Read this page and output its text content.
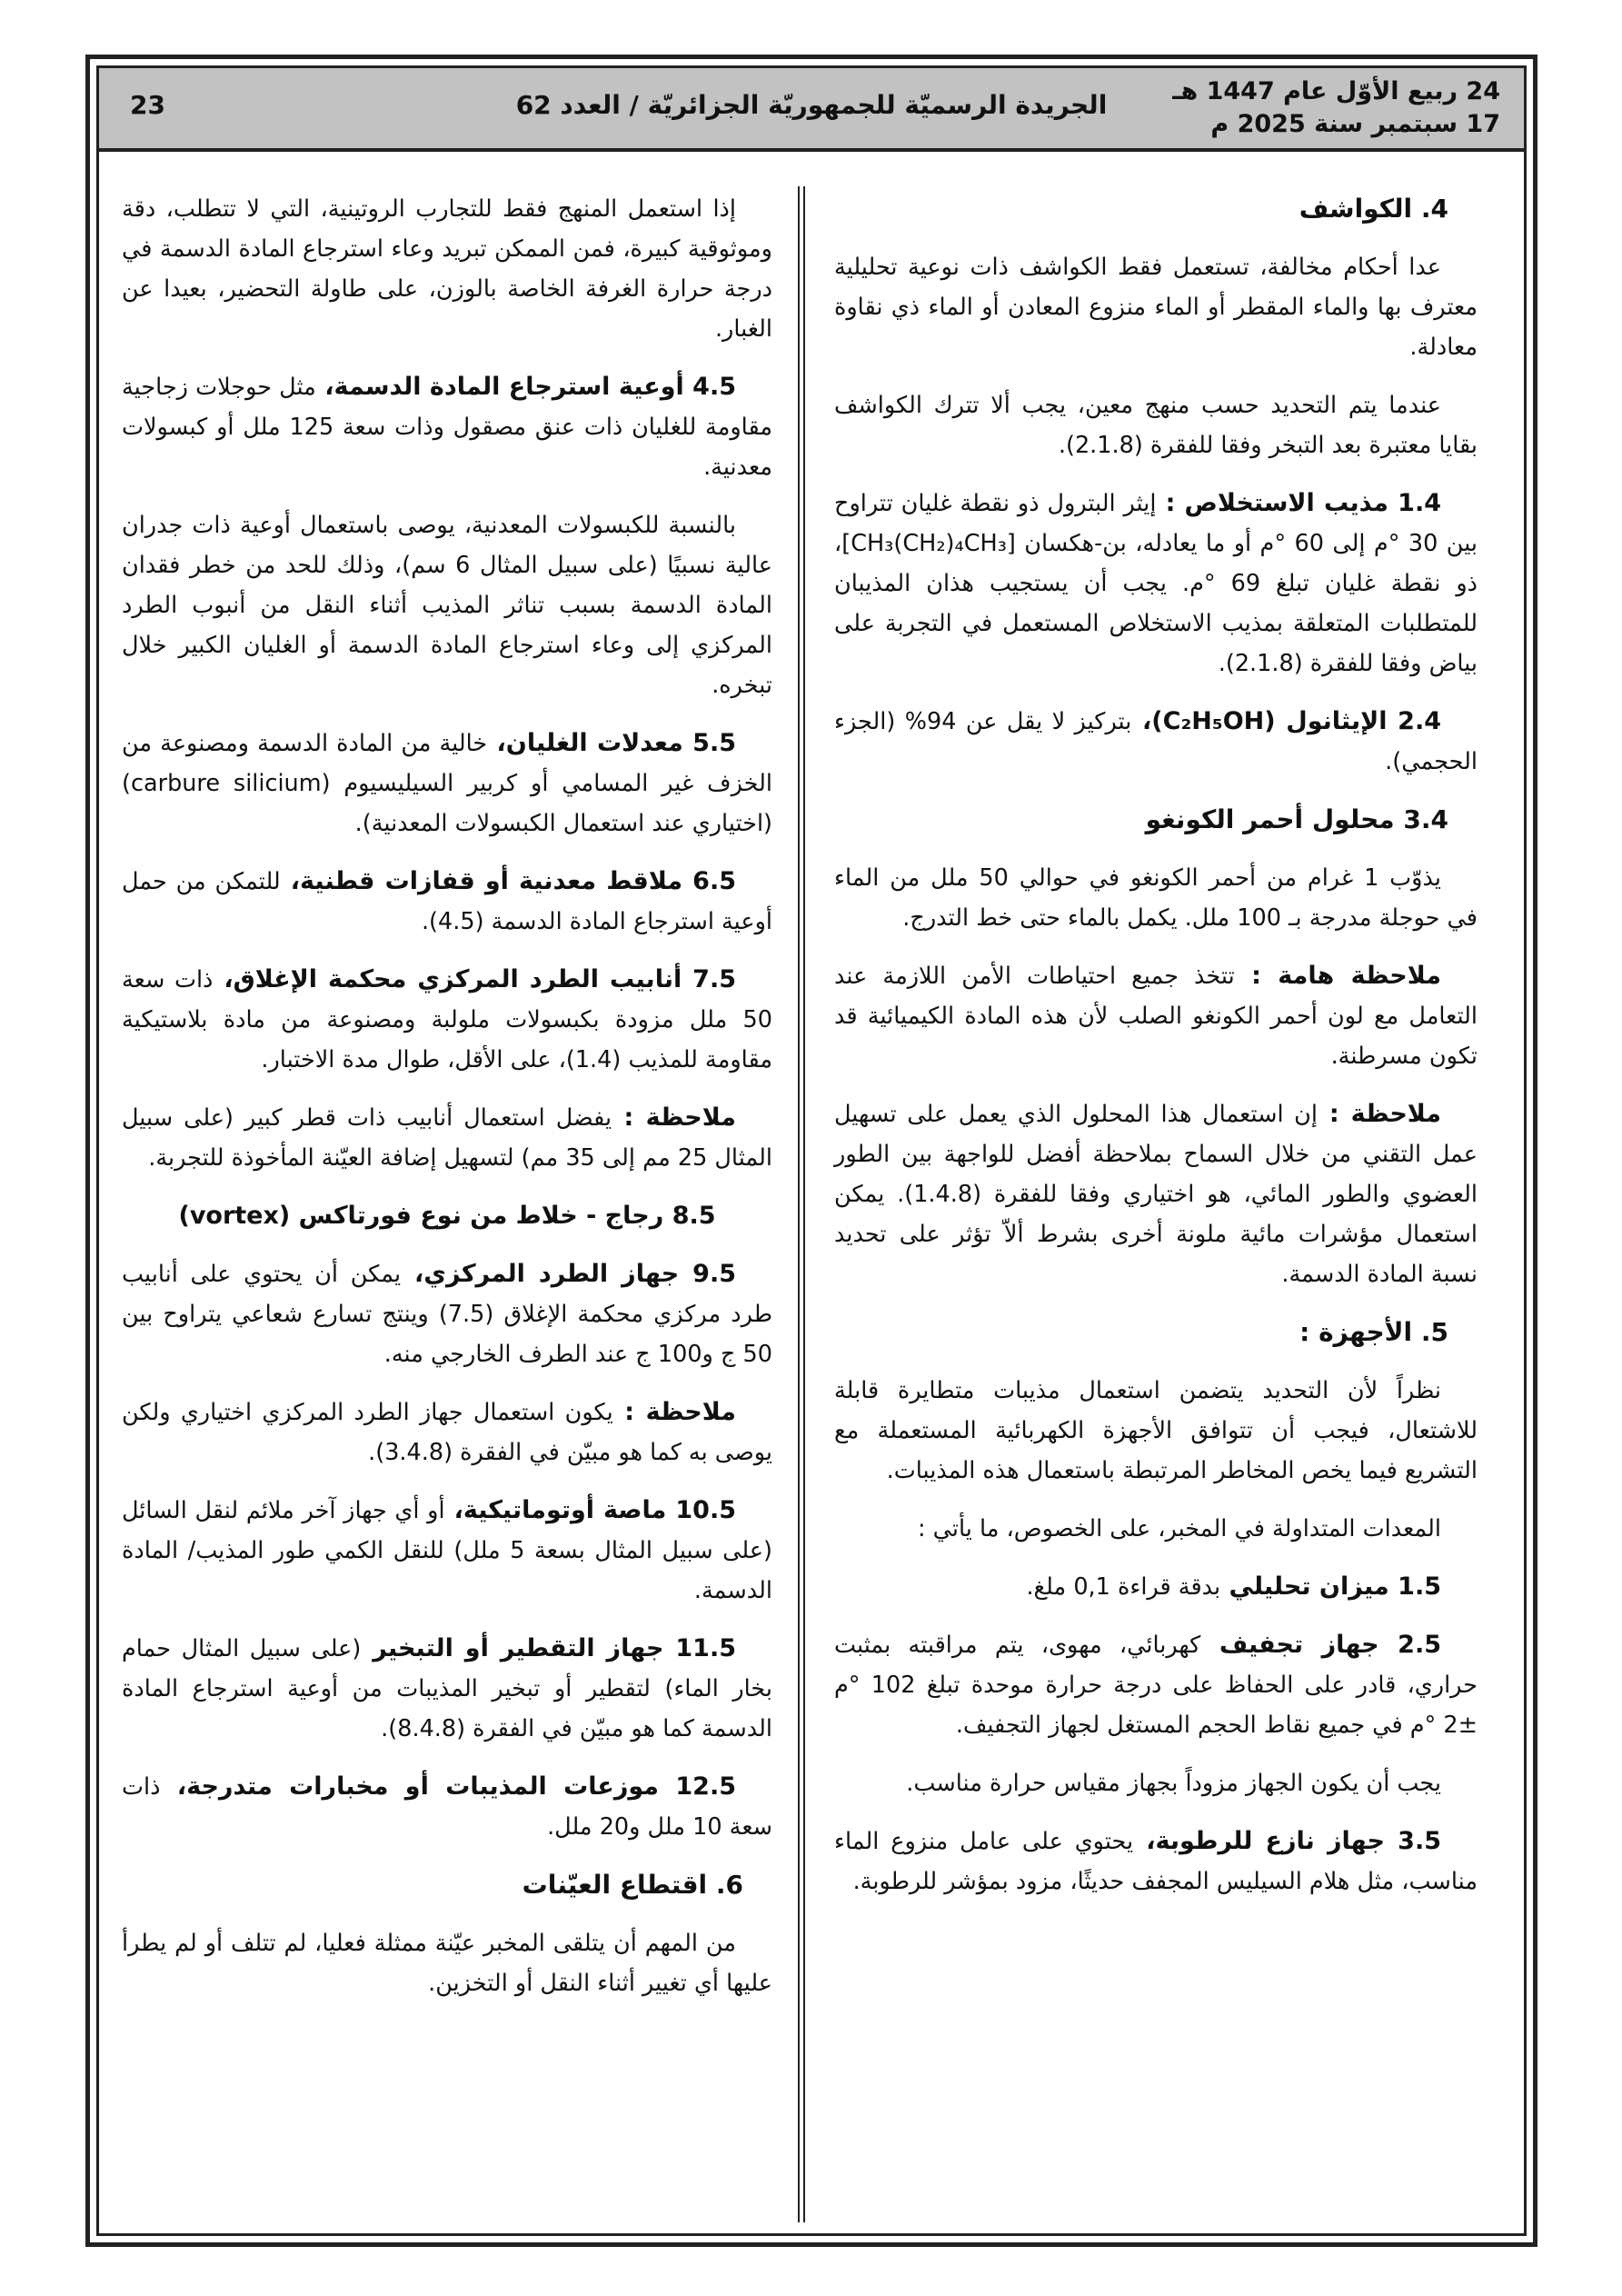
24 ربيع الأوّل عام 1447 هـ
17 سبتمبر سنة 2025 م
الجريدة الرسميّة للجمهوريّة الجزائريّة / العدد 62
23

4. الكواشف

عدا أحكام مخالفة، تستعمل فقط الكواشف ذات نوعية تحليلية معترف بها والماء المقطر أو الماء منزوع المعادن أو الماء ذي نقاوة معادلة.

عندما يتم التحديد حسب منهج معين، يجب ألا تترك الكواشف بقايا معتبرة بعد التبخر وفقا للفقرة (2.1.8).

1.4 مذيب الاستخلاص : إيثر البترول ذو نقطة غليان تتراوح بين 30 °م إلى 60 °م أو ما يعادله، بن-هكسان [CH₃(CH₂)₄CH₃]، ذو نقطة غليان تبلغ 69 °م. يجب أن يستجيب هذان المذيبان للمتطلبات المتعلقة بمذيب الاستخلاص المستعمل في التجربة على بياض وفقا للفقرة (2.1.8).

2.4 الإيثانول (C₂H₅OH)، بتركيز لا يقل عن 94% (الجزء الحجمي).

3.4 محلول أحمر الكونغو

يذوّب 1 غرام من أحمر الكونغو في حوالي 50 ملل من الماء في حوجلة مدرجة بـ 100 ملل. يكمل بالماء حتى خط التدرج.

ملاحظة هامة : تتخذ جميع احتياطات الأمن اللازمة عند التعامل مع لون أحمر الكونغو الصلب لأن هذه المادة الكيميائية قد تكون مسرطنة.

ملاحظة : إن استعمال هذا المحلول الذي يعمل على تسهيل عمل التقني من خلال السماح بملاحظة أفضل للواجهة بين الطور العضوي والطور المائي، هو اختياري وفقا للفقرة (1.4.8). يمكن استعمال مؤشرات مائية ملونة أخرى بشرط ألاّ تؤثر على تحديد نسبة المادة الدسمة.

5. الأجهزة :

نظراً لأن التحديد يتضمن استعمال مذيبات متطايرة قابلة للاشتعال، فيجب أن تتوافق الأجهزة الكهربائية المستعملة مع التشريع فيما يخص المخاطر المرتبطة باستعمال هذه المذيبات.

المعدات المتداولة في المخبر، على الخصوص، ما يأتي :

1.5 ميزان تحليلي بدقة قراءة 0,1 ملغ.

2.5 جهاز تجفيف كهربائي، مهوى، يتم مراقبته بمثبت حراري، قادر على الحفاظ على درجة حرارة موحدة تبلغ 102 °م ±2 °م في جميع نقاط الحجم المستغل لجهاز التجفيف.

يجب أن يكون الجهاز مزوداً بجهاز مقياس حرارة مناسب.

3.5 جهاز نازع للرطوبة، يحتوي على عامل منزوع الماء مناسب، مثل هلام السيليس المجفف حديثًا، مزود بمؤشر للرطوبة.

إذا استعمل المنهج فقط للتجارب الروتينية، التي لا تتطلب، دقة وموثوقية كبيرة، فمن الممكن تبريد وعاء استرجاع المادة الدسمة في درجة حرارة الغرفة الخاصة بالوزن، على طاولة التحضير، بعيدا عن الغبار.

4.5 أوعية استرجاع المادة الدسمة، مثل حوجلات زجاجية مقاومة للغليان ذات عنق مصقول وذات سعة 125 ملل أو كبسولات معدنية.

بالنسبة للكبسولات المعدنية، يوصى باستعمال أوعية ذات جدران عالية نسبيًا (على سبيل المثال 6 سم)، وذلك للحد من خطر فقدان المادة الدسمة بسبب تناثر المذيب أثناء النقل من أنبوب الطرد المركزي إلى وعاء استرجاع المادة الدسمة أو الغليان الكبير خلال تبخره.

5.5 معدلات الغليان، خالية من المادة الدسمة ومصنوعة من الخزف غير المسامي أو كربير السيليسيوم (carbure silicium) (اختياري عند استعمال الكبسولات المعدنية).

6.5 ملاقط معدنية أو قفازات قطنية، للتمكن من حمل أوعية استرجاع المادة الدسمة (4.5).

7.5 أنابيب الطرد المركزي محكمة الإغلاق، ذات سعة 50 ملل مزودة بكبسولات ملولبة ومصنوعة من مادة بلاستيكية مقاومة للمذيب (1.4)، على الأقل، طوال مدة الاختبار.

ملاحظة : يفضل استعمال أنابيب ذات قطر كبير (على سبيل المثال 25 مم إلى 35 مم) لتسهيل إضافة العيّنة المأخوذة للتجربة.

8.5 رجاج - خلاط من نوع فورتاكس (vortex)

9.5 جهاز الطرد المركزي، يمكن أن يحتوي على أنابيب طرد مركزي محكمة الإغلاق (7.5) وينتج تسارع شعاعي يتراوح بين 50 ج و100 ج عند الطرف الخارجي منه.

ملاحظة : يكون استعمال جهاز الطرد المركزي اختياري ولكن يوصى به كما هو مبيّن في الفقرة (3.4.8).

10.5 ماصة أوتوماتيكية، أو أي جهاز آخر ملائم لنقل السائل (على سبيل المثال بسعة 5 ملل) للنقل الكمي طور المذيب/ المادة الدسمة.

11.5 جهاز التقطير أو التبخير (على سبيل المثال حمام بخار الماء) لتقطير أو تبخير المذيبات من أوعية استرجاع المادة الدسمة كما هو مبيّن في الفقرة (8.4.8).

12.5 موزعات المذيبات أو مخبارات متدرجة، ذات سعة 10 ملل و20 ملل.

6. اقتطاع العيّنات

من المهم أن يتلقى المخبر عيّنة ممثلة فعليا، لم تتلف أو لم يطرأ عليها أي تغيير أثناء النقل أو التخزين.
